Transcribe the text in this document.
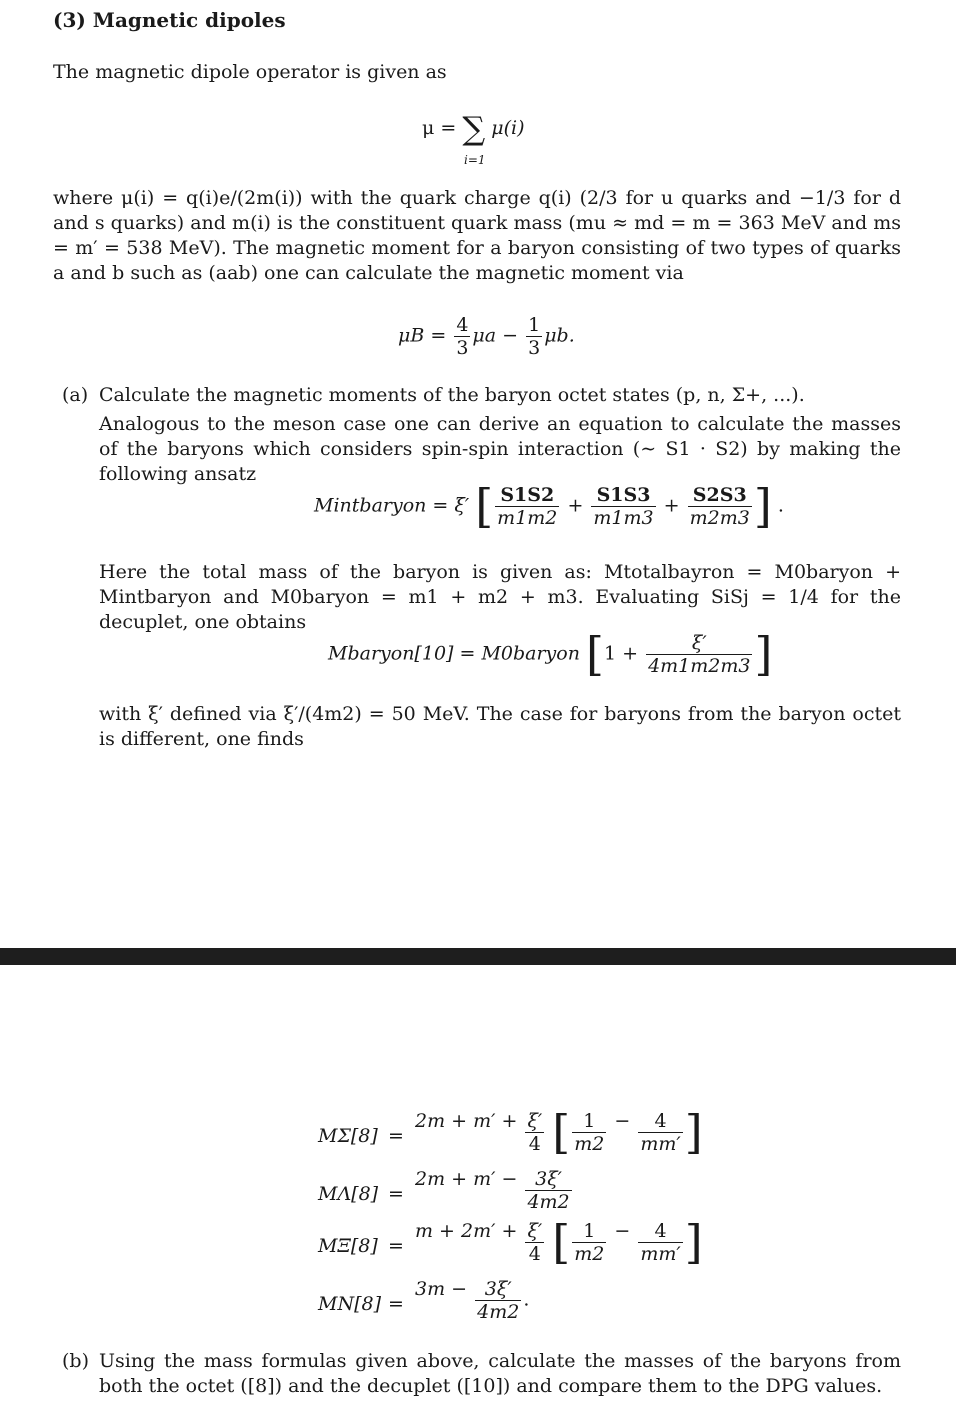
(3) Magnetic dipoles
The magnetic dipole operator is given as
μ = ∑ μ(i)
i=1
where μ(i) = q(i)e/(2m(i)) with the quark charge q(i) (2/3 for u quarks and −1/3 for d and s quarks) and m(i) is the constituent quark mass (mu ≈ md = m = 363 MeV and ms = m′ = 538 MeV). The magnetic moment for a baryon consisting of two types of quarks a and b such as (aab) one can calculate the magnetic moment via
$\mu B = \frac{4}{3}$ $\mu a - \frac{1}{3} \mu b$.
(a) Calculate the magnetic moments of the baryon octet states (p, n, Σ+, ...).
Analogous to the meson case one can derive an equation to calculate the masses of the baryons which considers spin-spin interaction (∼ S1 · S2) by making the following ansatz
Mintbaryon = ξ′ [ $\frac{S1S2}{m1m2} + \frac{S1S3}{m1m3} + \frac{S2S3}{m2m3}$ ] .
Here the total mass of the baryon is given as: Mtotalbayron = M0baryon + Mintbaryon and M0baryon = m1 + m2 + m3. Evaluating SiSj = 1/4 for the decuplet, one obtains
Mbaryon[10] = M0baryon [$1 + \frac{\xi'}{4m1m2m3}$ ]
with ξ′ defined via ξ′/(4m2) = 50 MeV. The case for baryons from the baryon octet is different, one finds
MΣ[8] =
$2m + m' + \frac{\xi'}{4}$ [ $\frac{1}{m2} - \frac{4}{mm'}$ ]
MΛ[8] =
$2m + m' - \frac{3\xi'}{4m2}$
MΞ[8] =
$m + 2m' + \frac{\xi'}{4}$ [ $\frac{1}{m2} - \frac{4}{mm'}$ ]
MN[8] =
$3m - \frac{3\xi'}{4m2}$ .
(b) Using the mass formulas given above, calculate the masses of the baryons from both the octet ([8]) and the decuplet ([10]) and compare them to the DPG values.
